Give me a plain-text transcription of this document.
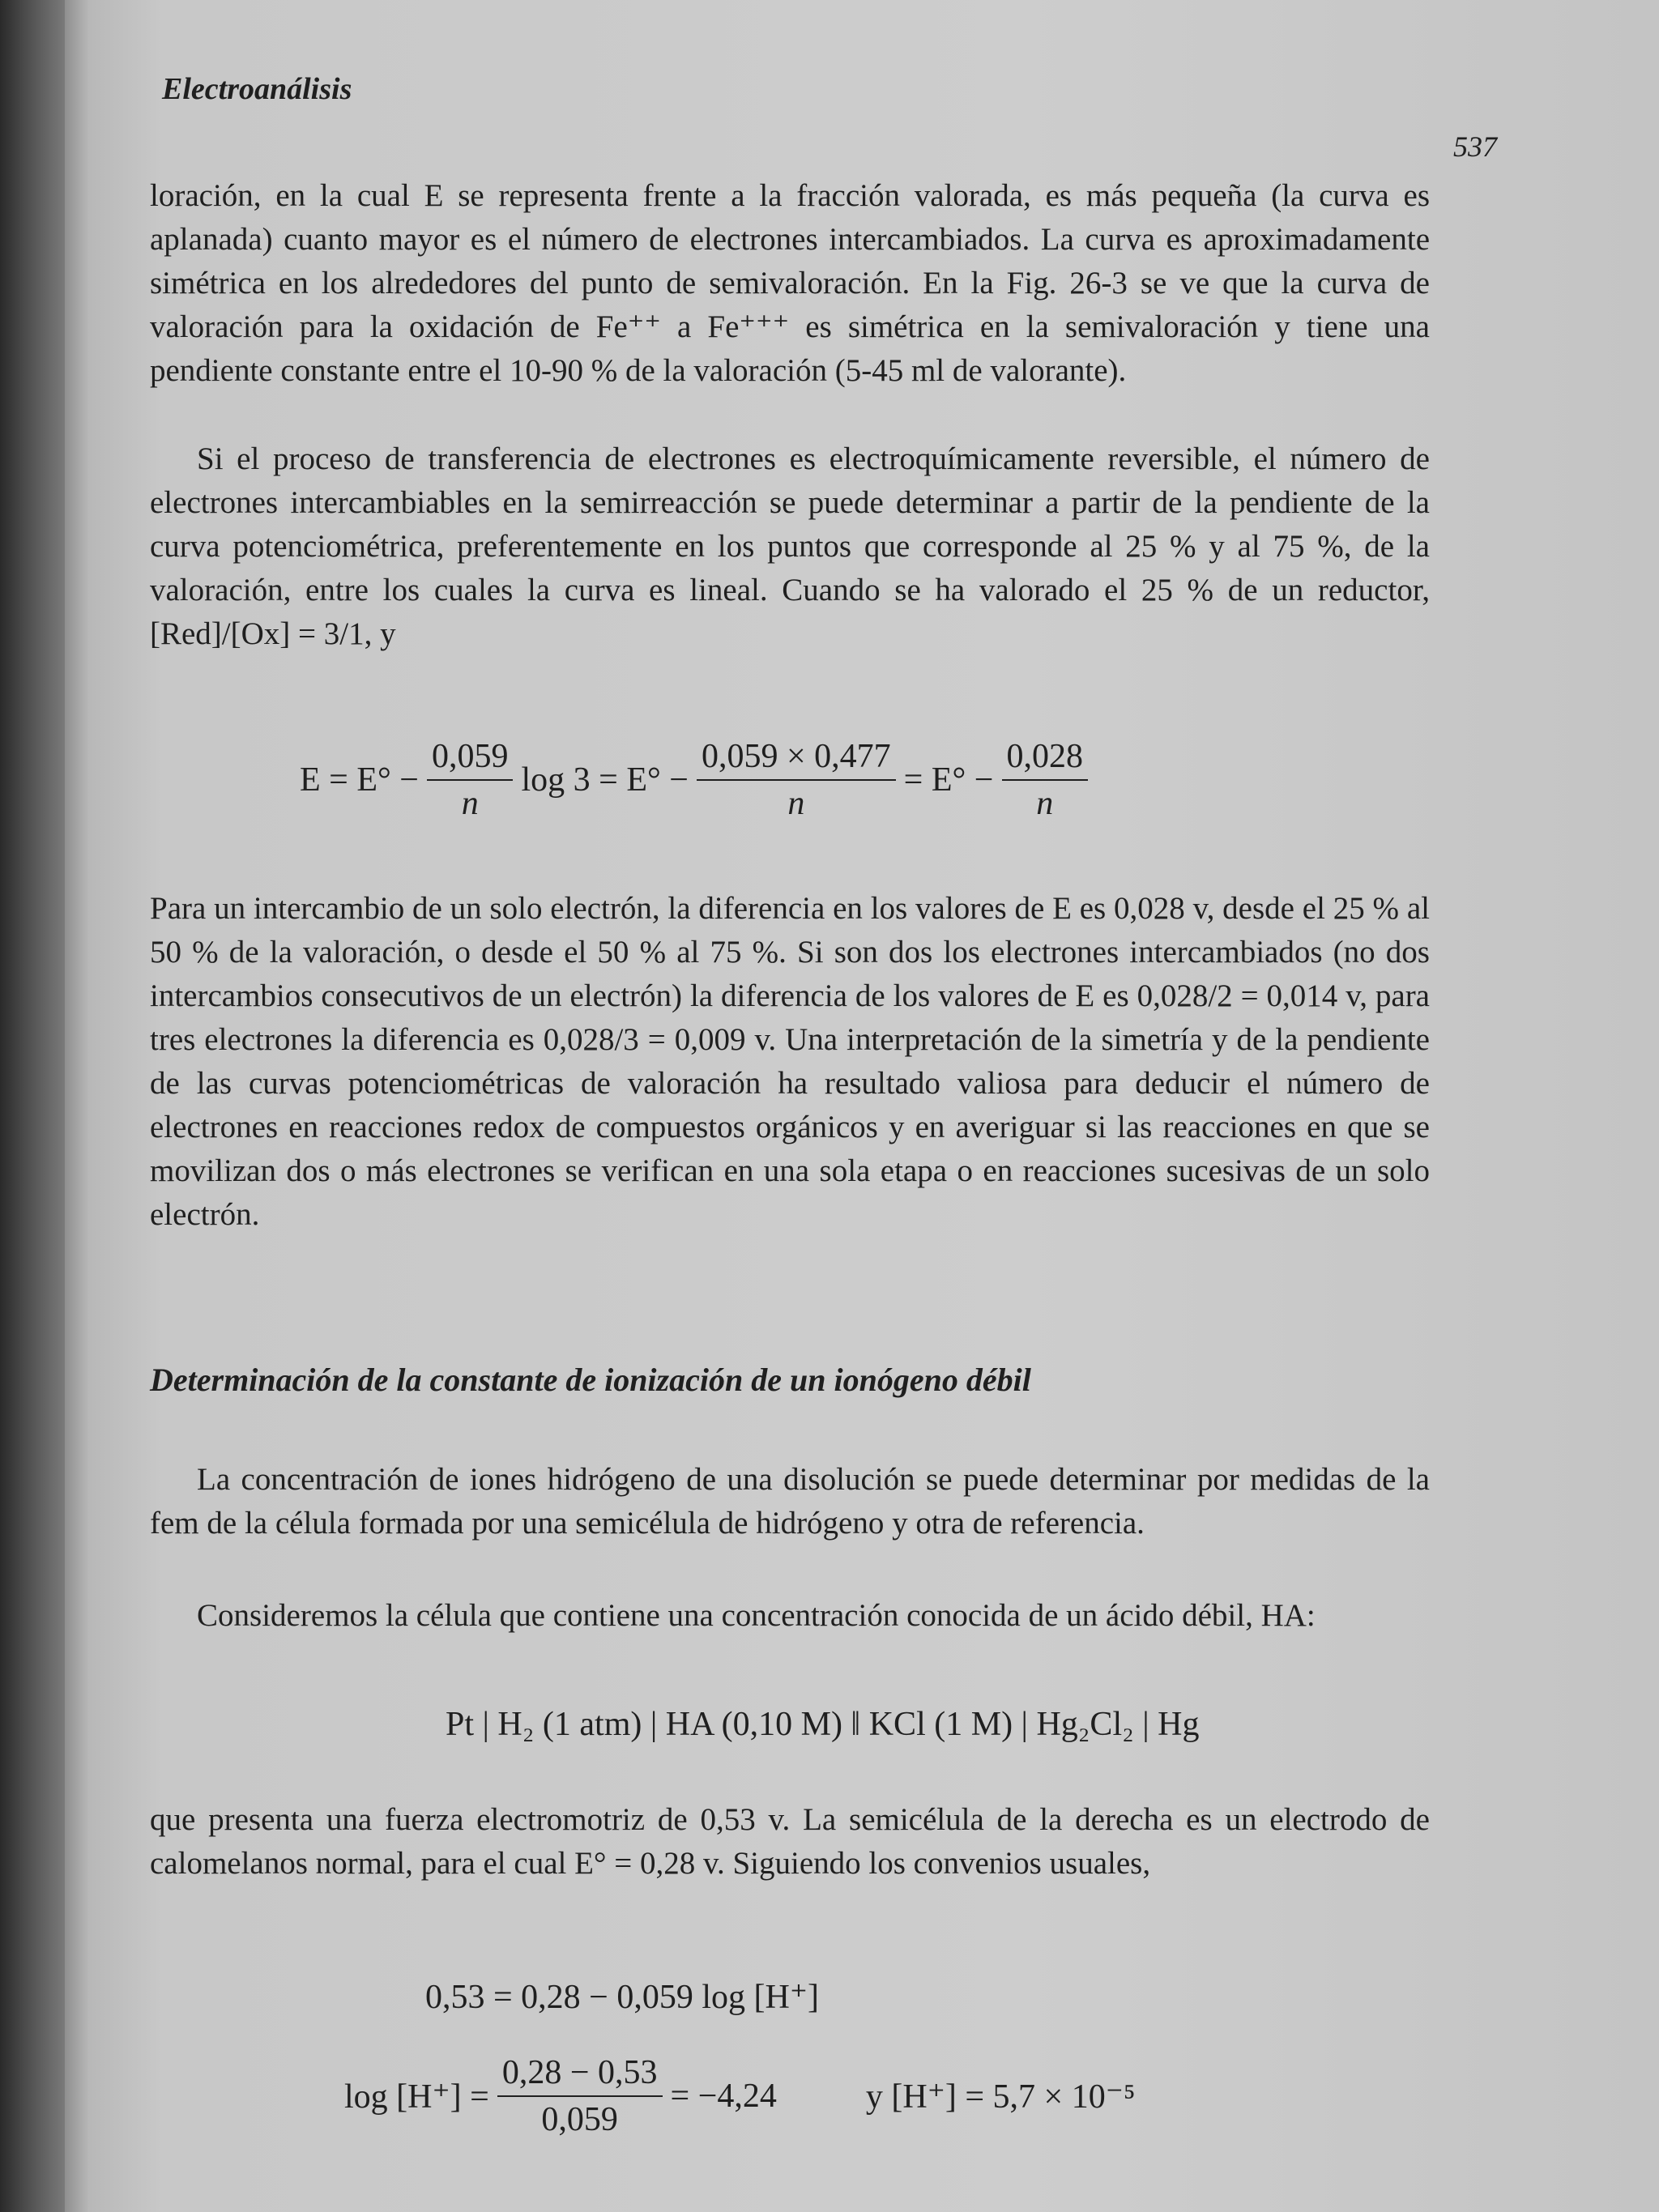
Electroanálisis
537

loración, en la cual E se representa frente a la fracción valorada, es más pequeña (la curva es aplanada) cuanto mayor es el número de electrones intercambiados. La curva es aproximadamente simétrica en los alrededores del punto de semivaloración. En la Fig. 26-3 se ve que la curva de valoración para la oxidación de Fe⁺⁺ a Fe⁺⁺⁺ es simétrica en la semivaloración y tiene una pendiente constante entre el 10-90 % de la valoración (5-45 ml de valorante).

Si el proceso de transferencia de electrones es electroquímicamente reversible, el número de electrones intercambiables en la semirreacción se puede determinar a partir de la pendiente de la curva potenciométrica, preferentemente en los puntos que corresponde al 25 % y al 75 %, de la valoración, entre los cuales la curva es lineal. Cuando se ha valorado el 25 % de un reductor, [Red]/[Ox] = 3/1, y

$E = E^\circ - \frac{0,059}{n}$ $\log 3 = E^\circ - \frac{0,059 \times 0,477}{n} = E^\circ - \frac{0,028}{n}$

Para un intercambio de un solo electrón, la diferencia en los valores de E es 0,028 v, desde el 25 % al 50 % de la valoración, o desde el 50 % al 75 %. Si son dos los electrones intercambiados (no dos intercambios consecutivos de un electrón) la diferencia de los valores de E es 0,028/2 = 0,014 v, para tres electrones la diferencia es 0,028/3 = 0,009 v. Una interpretación de la simetría y de la pendiente de las curvas potenciométricas de valoración ha resultado valiosa para deducir el número de electrones en reacciones redox de compuestos orgánicos y en averiguar si las reacciones en que se movilizan dos o más electrones se verifican en una sola etapa o en reacciones sucesivas de un solo electrón.

Determinación de la constante de ionización de un ionógeno débil

La concentración de iones hidrógeno de una disolución se puede determinar por medidas de la fem de la célula formada por una semicélula de hidrógeno y otra de referencia.

Consideremos la célula que contiene una concentración conocida de un ácido débil, HA:

Pt | H₂ (1 atm) | HA (0,10 M) ‖ KCl (1 M) | Hg₂Cl₂ | Hg

que presenta una fuerza electromotriz de 0,53 v. La semicélula de la derecha es un electrodo de calomelanos normal, para el cual E° = 0,28 v. Siguiendo los convenios usuales,

0,53 = 0,28 − 0,059 log [H⁺]
$\log [H^+] = \frac{0,28 - 0,53}{0,059} = -4,24$	y [H⁺] = 5,7 × 10⁻⁵
